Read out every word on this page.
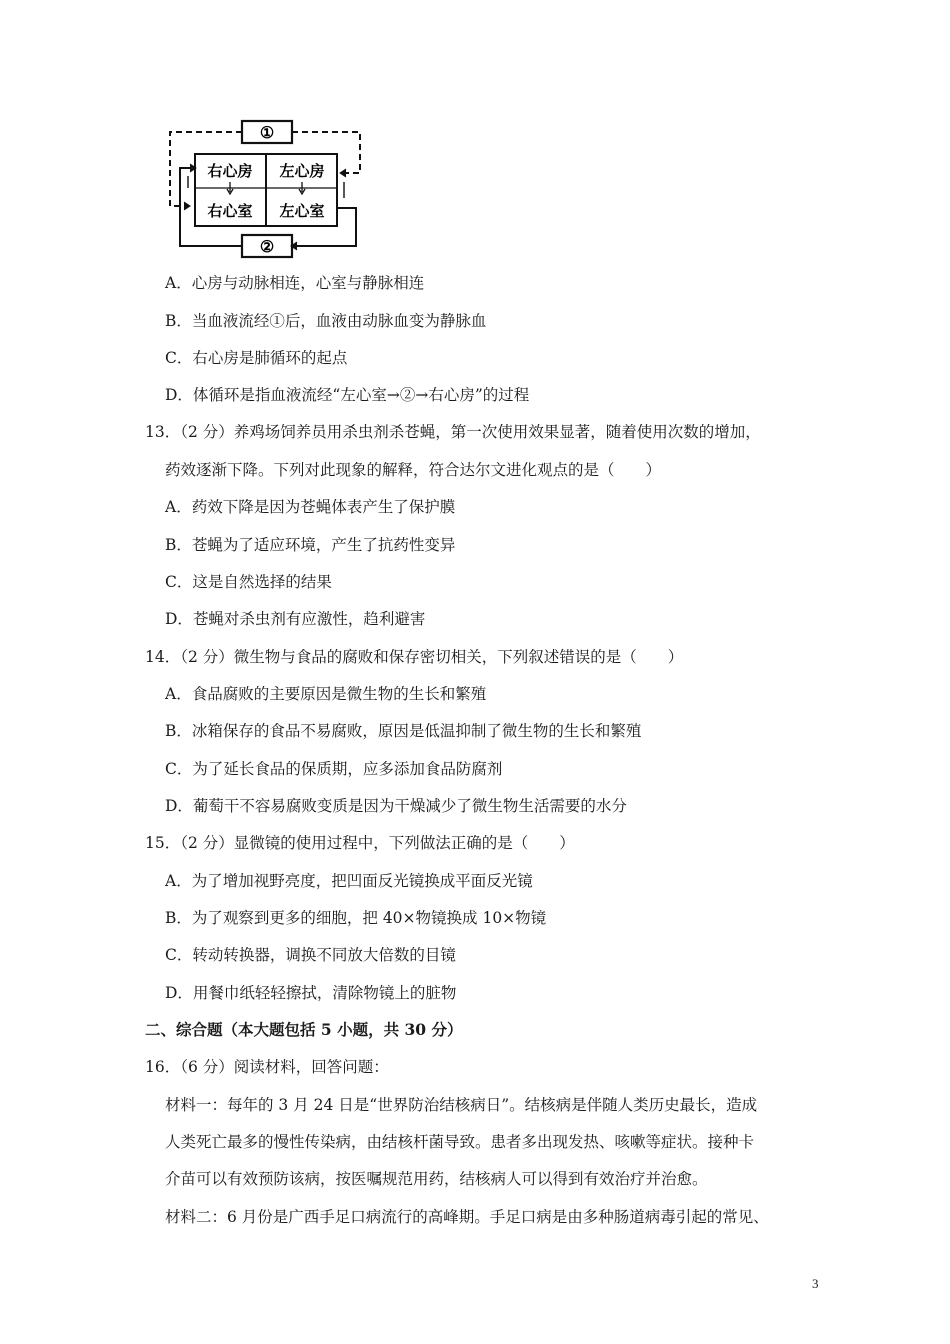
①
②
右心房 左心房
右心室 左心室
A．心房与动脉相连，心室与静脉相连
B．当血液流经①后，血液由动脉血变为静脉血
C．右心房是肺循环的起点
D．体循环是指血液流经“左心室→②→右心房”的过程
13．（2 分）养鸡场饲养员用杀虫剂杀苍蝇，第一次使用效果显著，随着使用次数的增加，
药效逐渐下降。下列对此现象的解释，符合达尔文进化观点的是（　　）
A．药效下降是因为苍蝇体表产生了保护膜
B．苍蝇为了适应环境，产生了抗药性变异
C．这是自然选择的结果
D．苍蝇对杀虫剂有应激性，趋利避害
14．（2 分）微生物与食品的腐败和保存密切相关，下列叙述错误的是（　　）
A．食品腐败的主要原因是微生物的生长和繁殖
B．冰箱保存的食品不易腐败，原因是低温抑制了微生物的生长和繁殖
C．为了延长食品的保质期，应多添加食品防腐剂
D．葡萄干不容易腐败变质是因为干燥减少了微生物生活需要的水分
15．（2 分）显微镜的使用过程中，下列做法正确的是（　　）
A．为了增加视野亮度，把凹面反光镜换成平面反光镜
B．为了观察到更多的细胞，把 40×物镜换成 10×物镜
C．转动转换器，调换不同放大倍数的目镜
D．用餐巾纸轻轻擦拭，清除物镜上的脏物
二、综合题（本大题包括 5 小题，共 30 分）
16．（6 分）阅读材料，回答问题：
材料一：每年的 3 月 24 日是“世界防治结核病日”。结核病是伴随人类历史最长，造成
人类死亡最多的慢性传染病，由结核杆菌导致。患者多出现发热、咳嗽等症状。接种卡
介苗可以有效预防该病，按医嘱规范用药，结核病人可以得到有效治疗并治愈。
材料二：6 月份是广西手足口病流行的高峰期。手足口病是由多种肠道病毒引起的常见、
3
